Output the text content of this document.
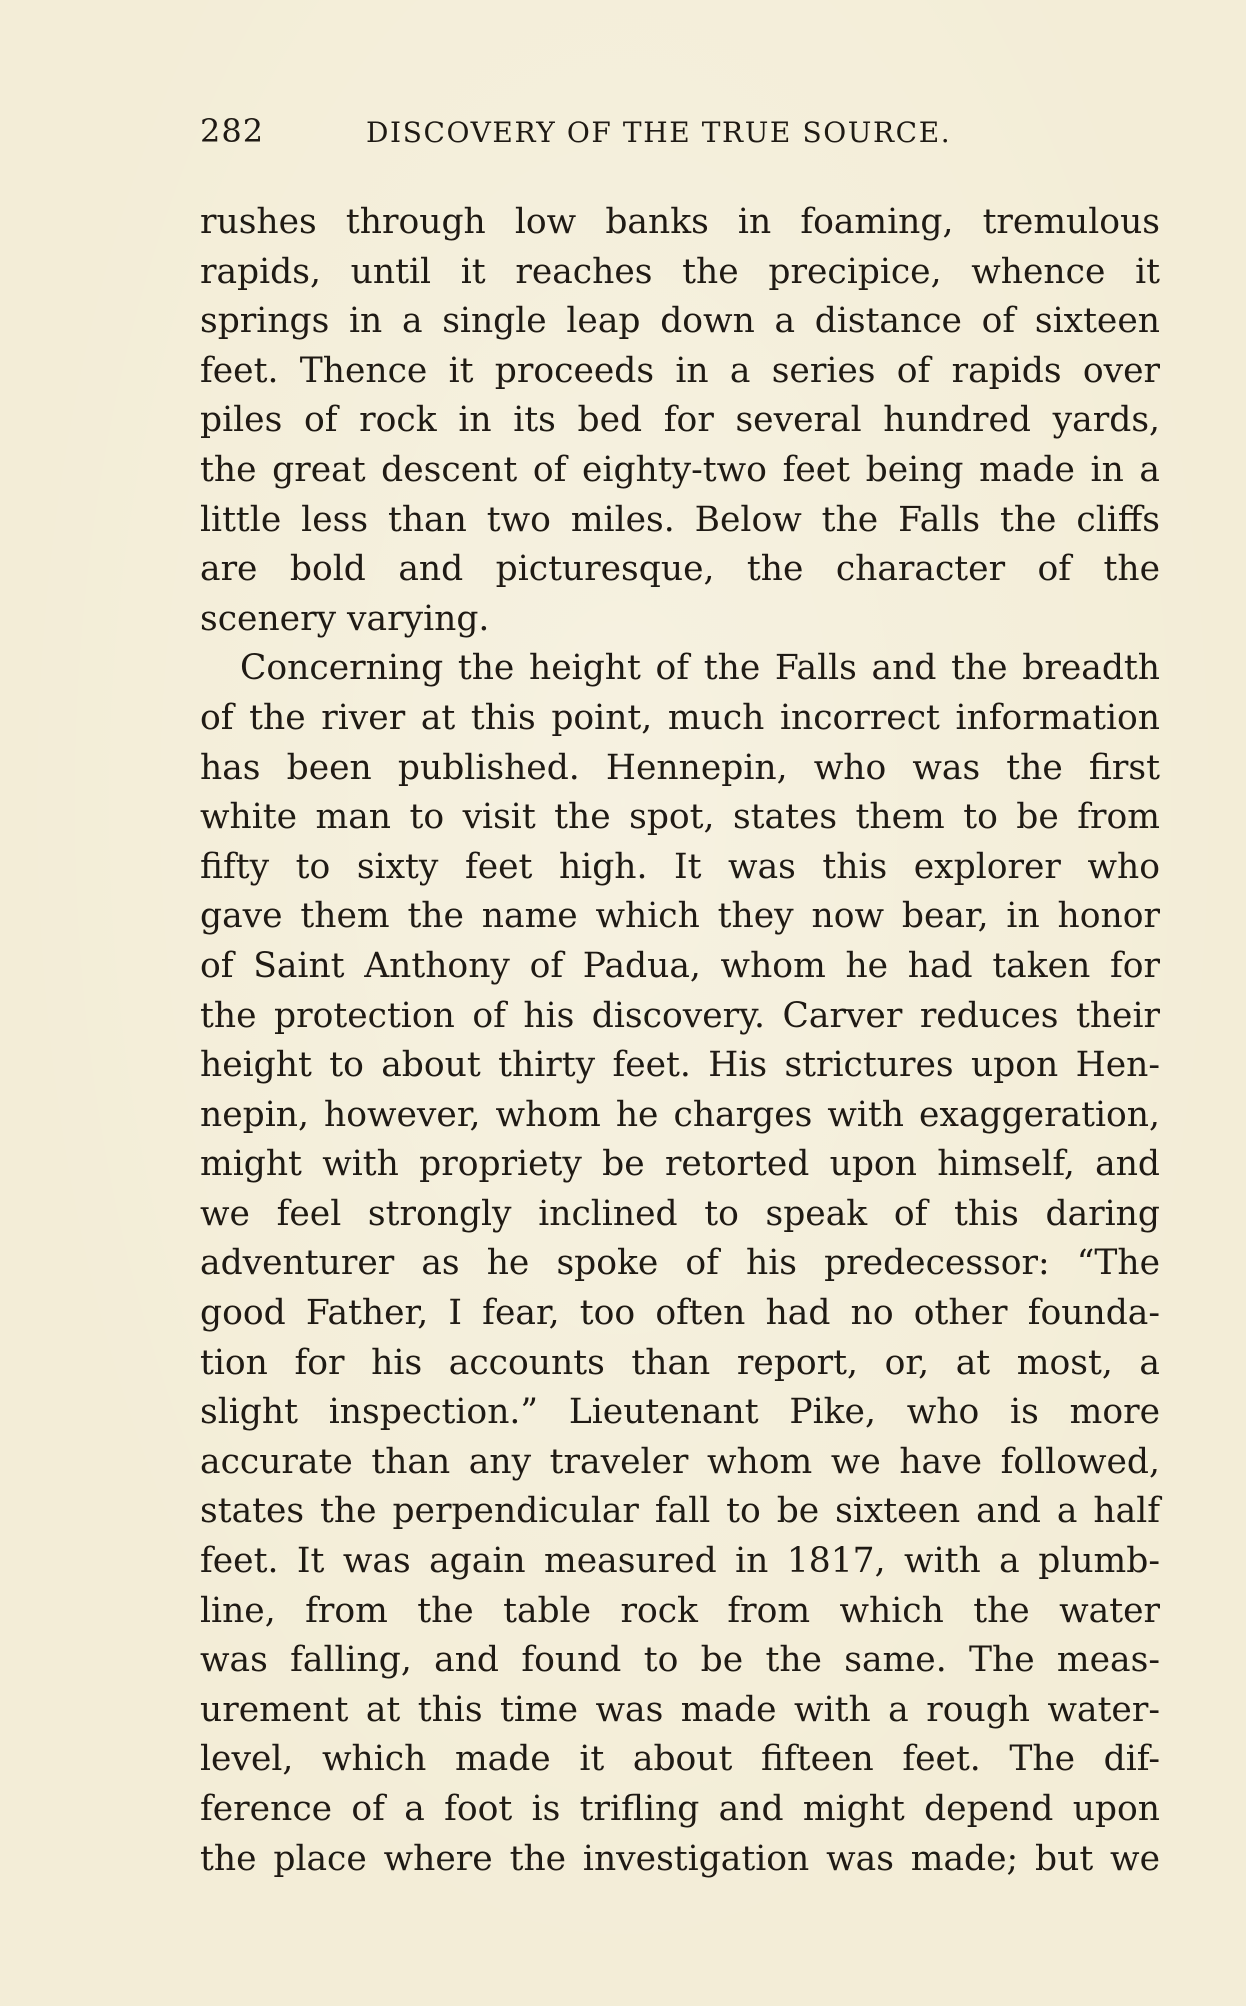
282	DISCOVERY OF THE TRUE SOURCE.
rushes through low banks in foaming, tremulous
rapids, until it reaches the precipice, whence it
springs in a single leap down a distance of sixteen
feet. Thence it proceeds in a series of rapids over
piles of rock in its bed for several hundred yards,
the great descent of eighty-two feet being made in a
little less than two miles. Below the Falls the cliffs
are bold and picturesque, the character of the
scenery varying.
Concerning the height of the Falls and the breadth
of the river at this point, much incorrect information
has been published. Hennepin, who was the first
white man to visit the spot, states them to be from
fifty to sixty feet high. It was this explorer who
gave them the name which they now bear, in honor
of Saint Anthony of Padua, whom he had taken for
the protection of his discovery. Carver reduces their
height to about thirty feet. His strictures upon Hen-
nepin, however, whom he charges with exaggeration,
might with propriety be retorted upon himself, and
we feel strongly inclined to speak of this daring
adventurer as he spoke of his predecessor: “The
good Father, I fear, too often had no other founda-
tion for his accounts than report, or, at most, a
slight inspection.” Lieutenant Pike, who is more
accurate than any traveler whom we have followed,
states the perpendicular fall to be sixteen and a half
feet. It was again measured in 1817, with a plumb-
line, from the table rock from which the water
was falling, and found to be the same. The meas-
urement at this time was made with a rough water-
level, which made it about fifteen feet. The dif-
ference of a foot is trifling and might depend upon
the place where the investigation was made; but we
